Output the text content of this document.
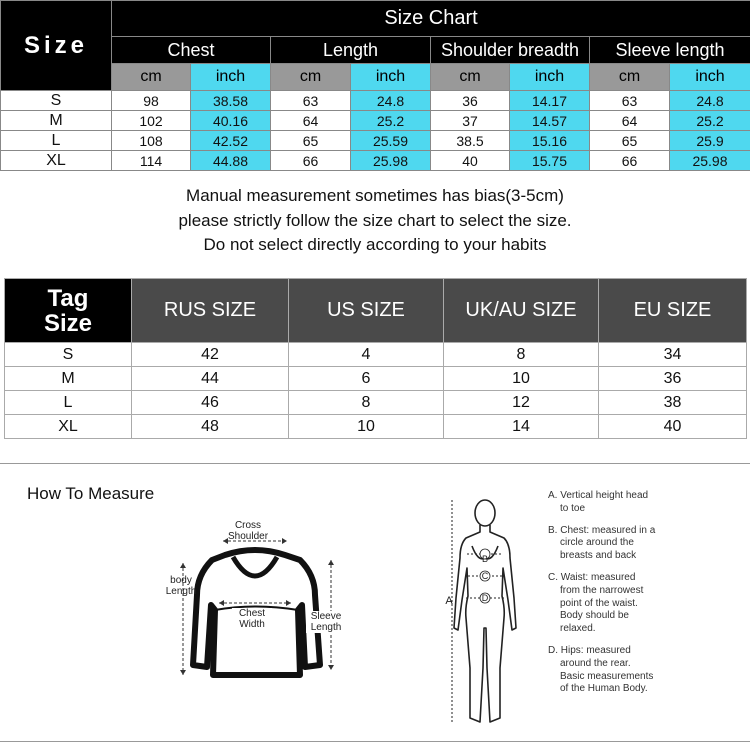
Size	Size Chart							
	Chest		Length		Shoulder breadth		Sleeve length	
	cm	inch	cm	inch	cm	inch	cm	inch
S	98	38.58	63	24.8	36	14.17	63	24.8
M	102	40.16	64	25.2	37	14.57	64	25.2
L	108	42.52	65	25.59	38.5	15.16	65	25.9
XL	114	44.88	66	25.98	40	15.75	66	25.98
Manual measurement sometimes has bias(3-5cm)
please strictly follow the size chart to select the size.
Do not select directly according to your habits
Tag
Size	RUS SIZE	US SIZE	UK/AU SIZE	EU SIZE
S	42	4	8	34
M	44	6	10	36
L	46	8	12	38
XL	48	10	14	40
How To Measure
Cross
Shoulder
body
Length
Chest
Width
Sleeve
Length
B
C
D
A
A. Vertical height head
to toe
B. Chest: measured in a
circle around the
breasts and back
C. Waist: measured
from the narrowest
point of the waist.
Body should be
relaxed.
D. Hips: measured
around the rear.
Basic measurements
of the Human Body.
